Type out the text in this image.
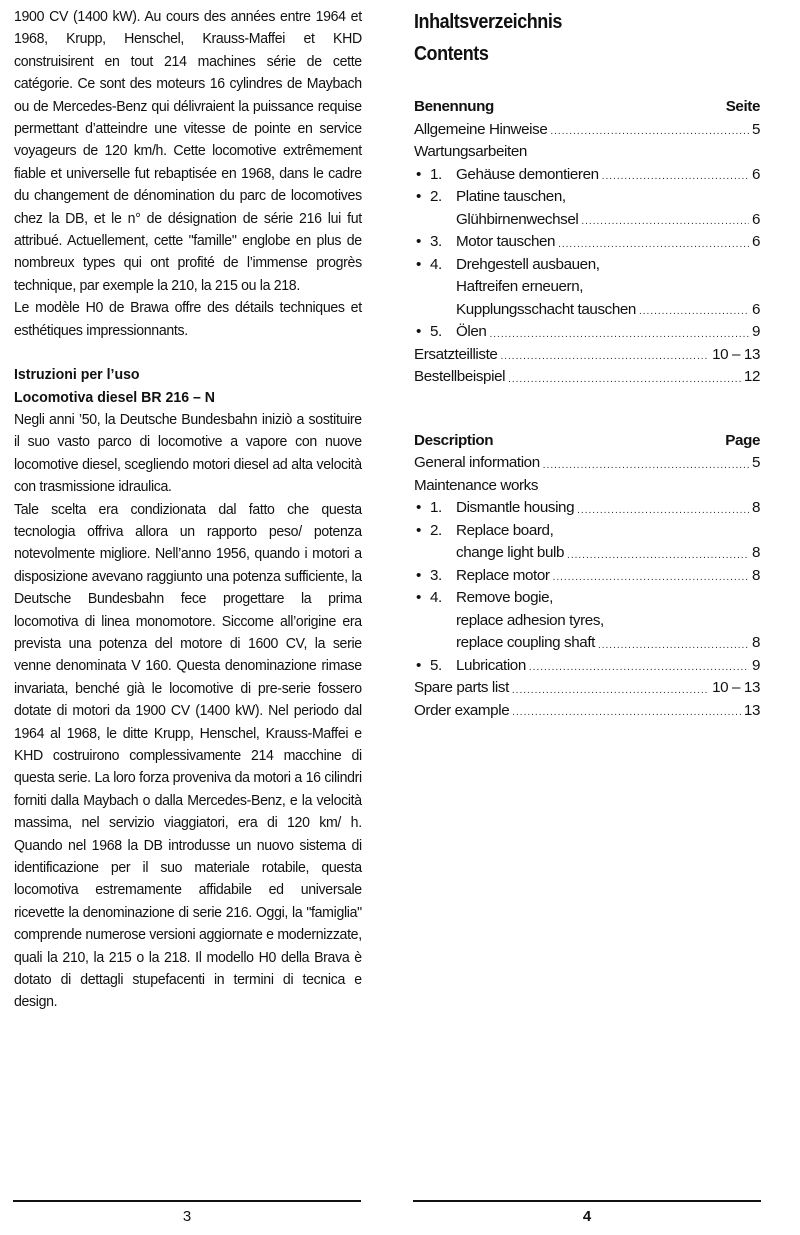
1900 CV (1400 kW). Au cours des années entre 1964 et 1968, Krupp, Henschel, Krauss-Maffei et KHD construisirent en tout 214 machines série de cette catégorie. Ce sont des moteurs 16 cylindres de Maybach ou de Mercedes-Benz qui délivraient la puissance requise permettant d’atteindre une vitesse de pointe en service voyageurs de 120 km/h. Cette locomotive extrêmement fiable et universelle fut rebaptisée en 1968, dans le cadre du changement de dénomination du parc de locomotives chez la DB, et le n° de désignation de série 216 lui fut attribué. Actuellement, cette "famille" englobe en plus de nombreux types qui ont profité de l’immense progrès technique, par exemple la 210, la 215 ou la 218.

Le modèle H0 de Brawa offre des détails techniques et esthétiques impressionnants.

Istruzioni per l’uso

Locomotiva diesel BR 216 – N

Negli anni ’50, la Deutsche Bundesbahn iniziò a sostituire il suo vasto parco di locomotive a vapore con nuove locomotive diesel, scegliendo motori diesel ad alta velocità con trasmissione idraulica.

Tale scelta era condizionata dal fatto che questa tecnologia offriva allora un rapporto peso/ potenza notevolmente migliore. Nell’anno 1956, quando i motori a disposizione avevano raggiunto una potenza sufficiente, la Deutsche Bundesbahn fece progettare la prima locomotiva di linea monomotore. Siccome all’origine era prevista una potenza del motore di 1600 CV, la serie venne denominata V 160. Questa denominazione rimase invariata, benché già le locomotive di pre-serie fossero dotate di motori da 1900 CV (1400 kW). Nel periodo dal 1964 al 1968, le ditte Krupp, Henschel, Krauss-Maffei e KHD costruirono complessivamente 214 macchine di questa serie. La loro forza proveniva da motori a 16 cilindri forniti dalla Maybach o dalla Mercedes-Benz, e la velocità massima, nel servizio viaggiatori, era di 120 km/ h. Quando nel 1968 la DB introdusse un nuovo sistema di identificazione per il suo materiale rotabile, questa locomotiva estremamente affidabile ed universale ricevette la denominazione di serie 216. Oggi, la "famiglia" comprende numerose versioni aggiornate e modernizzate, quali la 210, la 215 o la 218. Il modello H0 della Brava è dotato di dettagli stupefacenti in termini di tecnica e design.

3

Inhaltsverzeichnis

Contents

Benennung	Seite
Allgemeine Hinweise .....	5
Wartungsarbeiten
• 1. Gehäuse demontieren .....	6
• 2. Platine tauschen,
Glühbirnenwechsel .....	6
• 3. Motor tauschen .....	6
• 4. Drehgestell ausbauen,
Haftreifen erneuern,
Kupplungsschacht tauschen .....	6
• 5. Ölen .....	9
Ersatzteilliste .....	10 – 13
Bestellbeispiel .....	12
Description	Page
General information .....	5
Maintenance works
• 1. Dismantle housing .....	8
• 2. Replace board,
change light bulb .....	8
• 3. Replace motor .....	8
• 4. Remove bogie,
replace adhesion tyres,
replace coupling shaft .....	8
• 5. Lubrication .....	9
Spare parts list .....	10 – 13
Order example .....	13
4
